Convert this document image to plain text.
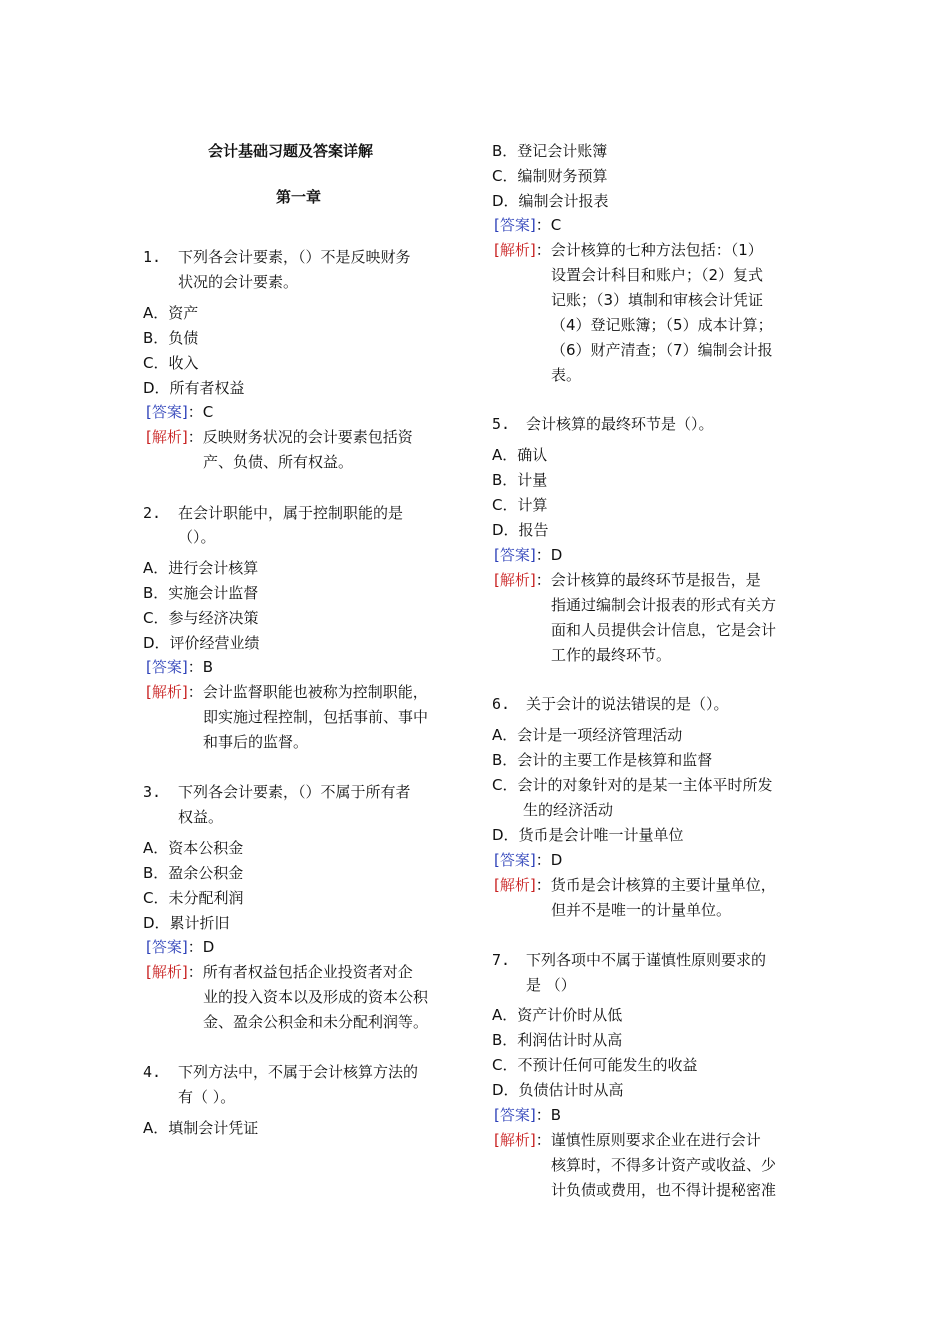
会计基础习题及答案详解
第一章
1. 下列各会计要素，（）不是反映财务
状况的会计要素。
A．资产
B．负债
C．收入
D．所有者权益
[答案]：C
[解析]：反映财务状况的会计要素包括资
产、负债、所有权益。
2. 在会计职能中，属于控制职能的是
（）。
A．进行会计核算
B．实施会计监督
C．参与经济决策
D．评价经营业绩
[答案]：B
[解析]：会计监督职能也被称为控制职能，
即实施过程控制，包括事前、事中
和事后的监督。
3. 下列各会计要素，（）不属于所有者
权益。
A．资本公积金
B．盈余公积金
C．未分配利润
D．累计折旧
[答案]：D
[解析]：所有者权益包括企业投资者对企
业的投入资本以及形成的资本公积
金、盈余公积金和未分配利润等。
4. 下列方法中，不属于会计核算方法的
有（ ）。
A．填制会计凭证
B．登记会计账簿
C．编制财务预算
D．编制会计报表
[答案]：C
[解析]：会计核算的七种方法包括：（1）
设置会计科目和账户；（2）复式
记账；（3）填制和审核会计凭证
（4）登记账簿；（5）成本计算；
（6）财产清查；（7）编制会计报
表。
5. 会计核算的最终环节是（）。
A．确认
B．计量
C．计算
D．报告
[答案]：D
[解析]：会计核算的最终环节是报告，是
指通过编制会计报表的形式有关方
面和人员提供会计信息，它是会计
工作的最终环节。
6. 关于会计的说法错误的是（）。
A．会计是一项经济管理活动
B．会计的主要工作是核算和监督
C．会计的对象针对的是某一主体平时所发
生的经济活动
D．货币是会计唯一计量单位
[答案]：D
[解析]：货币是会计核算的主要计量单位，
但并不是唯一的计量单位。
7. 下列各项中不属于谨慎性原则要求的
是 （）
A．资产计价时从低
B．利润估计时从高
C．不预计任何可能发生的收益
D．负债估计时从高
[答案]：B
[解析]：谨慎性原则要求企业在进行会计
核算时，不得多计资产或收益、少
计负债或费用，也不得计提秘密准
